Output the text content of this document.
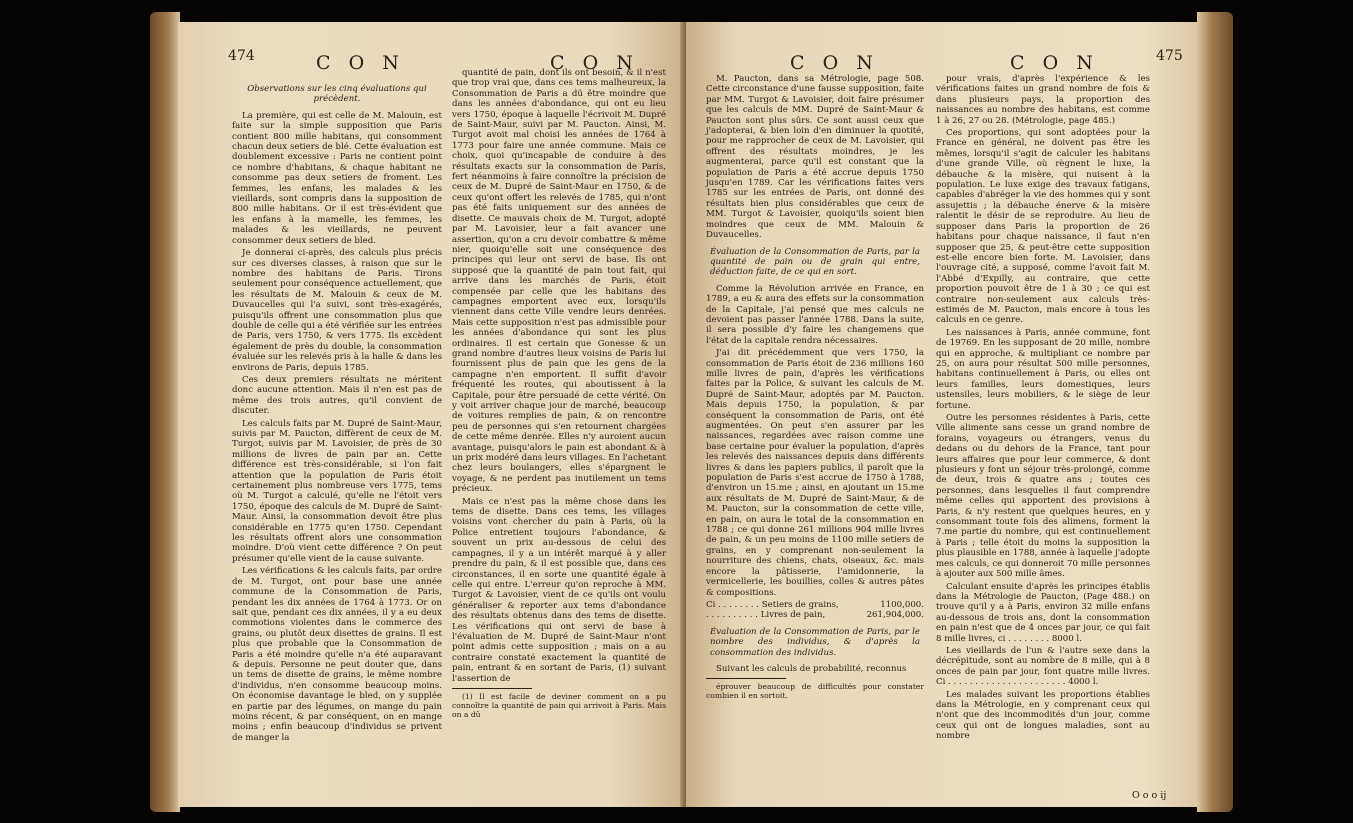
474	C O N	C O N

Observations sur les cinq évaluations qui précèdent.

La première, qui est celle de M. Malouin, est faite sur la simple supposition que Paris contient 800 mille habitans, qui consomment chacun deux setiers de blé. Cette évaluation est doublement excessive : Paris ne contient point ce nombre d'habitans, & chaque habitant ne consomme pas deux setiers de froment. Les femmes, les enfans, les malades & les vieillards, sont compris dans la supposition de 800 mille habitans. Or il est très-évident que les enfans à la mamelle, les femmes, les malades & les vieillards, ne peuvent consommer deux setiers de bled.

Je donnerai ci-après, des calculs plus précis sur ces diverses classes, à raison que sur le nombre des habitans de Paris. Tirons seulement pour conséquence actuellement, que les résultats de M. Malouin & ceux de M. Duvaucelles qui l'a suivi, sont très-exagérés, puisqu'ils offrent une consommation plus que double de celle qui a été vérifiée sur les entrées de Paris, vers 1750, & vers 1775. Ils excèdent également de près du double, la consommation évaluée sur les relevés pris à la halle & dans les environs de Paris, depuis 1785.

Ces deux premiers résultats ne méritent donc aucune attention. Mais il n'en est pas de même des trois autres, qu'il convient de discuter.

Les calculs faits par M. Dupré de Saint-Maur, suivis par M. Paucton, diffèrent de ceux de M. Turgot, suivis par M. Lavoisier, de près de 30 millions de livres de pain par an. Cette différence est très-considérable, si l'on fait attention que la population de Paris étoit certainement plus nombreuse vers 1775, tems où M. Turgot a calculé, qu'elle ne l'étoit vers 1750, époque des calculs de M. Dupré de Saint-Maur. Ainsi, la consommation devoit être plus considérable en 1775 qu'en 1750. Cependant les résultats offrent alors une consommation moindre. D'où vient cette différence ? On peut présumer qu'elle vient de la cause suivante.

Les vérifications & les calculs faits, par ordre de M. Turgot, ont pour base une année commune de la Consommation de Paris, pendant les dix années de 1764 à 1773. Or on sait que, pendant ces dix années, il y a eu deux commotions violentes dans le commerce des grains, ou plutôt deux disettes de grains. Il est plus que probable que la Consommation de Paris a été moindre qu'elle n'a été auparavant & depuis. Personne ne peut douter que, dans un tems de disette de grains, le même nombre d'individus, n'en consomme beaucoup moins. On économise davantage le bled, on y supplée en partie par des légumes, on mange du pain moins récent, & par conséquent, on en mange moins ; enfin beaucoup d'individus se privent de manger la

quantité de pain, dont ils ont besoin, & il n'est que trop vrai que, dans ces tems malheureux, la Consommation de Paris a dû être moindre que dans les années d'abondance, qui ont eu lieu vers 1750, époque à laquelle l'écrivoit M. Dupré de Saint-Maur, suivi par M. Paucton. Ainsi, M. Turgot avoit mal choisi les années de 1764 à 1773 pour faire une année commune. Mais ce choix, quoi qu'incapable de conduire à des résultats exacts sur la consommation de Paris, fert néanmoins à faire connoître la précision de ceux de M. Dupré de Saint-Maur en 1750, & de ceux qu'ont offert les relevés de 1785, qui n'ont pas été faits uniquement sur des années de disette. Ce mauvais choix de M. Turgot, adopté par M. Lavoisier, leur a fait avancer une assertion, qu'on a cru devoir combattre & même nier, quoiqu'elle soit une conséquence des principes qui leur ont servi de base. Ils ont supposé que la quantité de pain tout fait, qui arrive dans les marchés de Paris, étoit compensée par celle que les habitans des campagnes emportent avec eux, lorsqu'ils viennent dans cette Ville vendre leurs denrées. Mais cette supposition n'est pas admissible pour les années d'abondance qui sont les plus ordinaires. Il est certain que Gonesse & un grand nombre d'autres lieux voisins de Paris lui fournissent plus de pain que les gens de la campagne n'en emportent. Il suffit d'avoir fréquenté les routes, qui aboutissent à la Capitale, pour être persuadé de cette vérité. On y voit arriver chaque jour de marché, beaucoup de voitures remplies de pain, & on rencontre peu de personnes qui s'en retournent chargées de cette même denrée. Elles n'y auroient aucun avantage, puisqu'alors le pain est abondant & à un prix modéré dans leurs villages. En l'achetant chez leurs boulangers, elles s'épargnent le voyage, & ne perdent pas inutilement un tems précieux.

Mais ce n'est pas la même chose dans les tems de disette. Dans ces tems, les villages voisins vont chercher du pain à Paris, où la Police entretient toujours l'abondance, & souvent un prix au-dessous de celui des campagnes, il y a un intérêt marqué à y aller prendre du pain, & il est possible que, dans ces circonstances, il en sorte une quantité égale à celle qui entre. L'erreur qu'on reproche à MM. Turgot & Lavoisier, vient de ce qu'ils ont voulu généraliser & reporter aux tems d'abondance des résultats obtenus dans des tems de disette. Les vérifications qui ont servi de base à l'évaluation de M. Dupré de Saint-Maur n'ont point admis cette supposition ; mais on a au contraire constaté exactement la quantité de pain, entrant & en sortant de Paris, (1) suivant l'assertion de

(1) Il est facile de deviner comment on a pu connoître la quantité de pain qui arrivoit à Paris. Mais on a dû

C O N	C O N	475

M. Paucton, dans sa Métrologie, page 508. Cette circonstance d'une fausse supposition, faite par MM. Turgot & Lavoisier, doit faire présumer que les calculs de MM. Dupré de Saint-Maur & Paucton sont plus sûrs. Ce sont aussi ceux que j'adopterai, & bien loin d'en diminuer la quotité, pour me rapprocher de ceux de M. Lavoisier, qui offrent des résultats moindres, je les augmenterai, parce qu'il est constant que la population de Paris a été accrue depuis 1750 jusqu'en 1789. Car les vérifications faites vers 1785 sur les entrées de Paris, ont donné des résultats bien plus considérables que ceux de MM. Turgot & Lavoisier, quoiqu'ils soient bien moindres que ceux de MM. Malouin & Duvaucelles.

Évaluation de la Consommation de Paris, par la quantité de pain ou de grain qui entre, déduction faite, de ce qui en sort.

Comme la Révolution arrivée en France, en 1789, a eu & aura des effets sur la consommation de la Capitale, j'ai pensé que mes calculs ne devoient pas passer l'année 1788. Dans la suite, il sera possible d'y faire les changemens que l'état de la capitale rendra nécessaires.

J'ai dit précédemment que vers 1750, la consommation de Paris étoit de 236 millions 160 mille livres de pain, d'après les vérifications faites par la Police, & suivant les calculs de M. Dupré de Saint-Maur, adoptés par M. Paucton. Mais depuis 1750, la population, & par conséquent la consommation de Paris, ont été augmentées. On peut s'en assurer par les naissances, regardées avec raison comme une base certaine pour évaluer la population, d'après les relevés des naissances depuis dans différents livres & dans les papiers publics, il paroît que la population de Paris s'est accrue de 1750 à 1788, d'environ un 15.me ; ainsi, en ajoutant un 15.me aux résultats de M. Dupré de Saint-Maur, & de M. Paucton, sur la consommation de cette ville, en pain, on aura le total de la consommation en 1788 ; ce qui donne 261 millions 904 mille livres de pain, & un peu moins de 1100 mille setiers de grains, en y comprenant non-seulement la nourriture des chiens, chats, oiseaux, &c. mais encore la pâtisserie, l'amidonnerie, la vermicellerie, les bouillies, colles & autres pâtes & compositions.

Ci . . . . . . . . Setiers de grains,	1100,000.
. . . . . . . . . . Livres de pain,	261,904,000.

Évaluation de la Consommation de Paris, par le nombre des individus, & d'après la consommation des individus.

Suivant les calculs de probabilité, reconnus

éprouver beaucoup de difficultés pour constater combien il en sortoit.

pour vrais, d'après l'expérience & les vérifications faites un grand nombre de fois & dans plusieurs pays, la proportion des naissances au nombre des habitans, est comme 1 à 26, 27 ou 28. (Métrologie, page 485.)

Ces proportions, qui sont adoptées pour la France en général, ne doivent pas être les mêmes, lorsqu'il s'agit de calculer les habitans d'une grande Ville, où règnent le luxe, la débauche & la misère, qui nuisent à la population. Le luxe exige des travaux fatigans, capables d'abréger la vie des hommes qui y sont assujettis ; la débauche énerve & la misère ralentit le désir de se reproduire. Au lieu de supposer dans Paris la proportion de 26 habitans pour chaque naissance, il faut n'en supposer que 25, & peut-être cette supposition est-elle encore bien forte. M. Lavoisier, dans l'ouvrage cité, a supposé, comme l'avoit fait M. l'Abbé d'Expilly, au contraire, que cette proportion pouvoit être de 1 à 30 ; ce qui est contraire non-seulement aux calculs très-estimés de M. Paucton, mais encore à tous les calculs en ce genre.

Les naissances à Paris, année commune, font de 19769. En les supposant de 20 mille, nombre qui en approche, & multipliant ce nombre par 25, on aura pour résultat 500 mille personnes, habitans continuellement à Paris, ou elles ont leurs familles, leurs domestiques, leurs ustensiles, leurs mobiliers, & le siège de leur fortune.

Outre les personnes résidentes à Paris, cette Ville alimente sans cesse un grand nombre de forains, voyageurs ou étrangers, venus du dedans ou du dehors de la France, tant pour leurs affaires que pour leur commerce, & dont plusieurs y font un séjour très-prolongé, comme de deux, trois & quatre ans ; toutes ces personnes, dans lesquelles il faut comprendre même celles qui apportent des provisions à Paris, & n'y restent que quelques heures, en y consommant toute fois des alimens, forment la 7.me partie du nombre, qui est continuellement à Paris ; telle étoit du moins la supposition la plus plausible en 1788, année à laquelle j'adopte mes calculs, ce qui donneroit 70 mille personnes à ajouter aux 500 mille âmes.

Calculant ensuite d'après les principes établis dans la Métrologie de Paucton, (Page 488.) on trouve qu'il y a à Paris, environ 32 mille enfans au-dessous de trois ans, dont la consommation en pain n'est que de 4 onces par jour, ce qui fait 8 mille livres, ci . . . . . . . . 8000 l.

Les vieillards de l'un & l'autre sexe dans la décrépitude, sont au nombre de 8 mille, qui à 8 onces de pain par jour, font quatre mille livres. Ci . . . . . . . . . . . . . . . . . . . . . . 4000 l.

Les malades suivant les proportions établies dans la Métrologie, en y comprenant ceux qui n'ont que des incommodités d'un jour, comme ceux qui ont de longues maladies, sont au nombre

O o o ij
